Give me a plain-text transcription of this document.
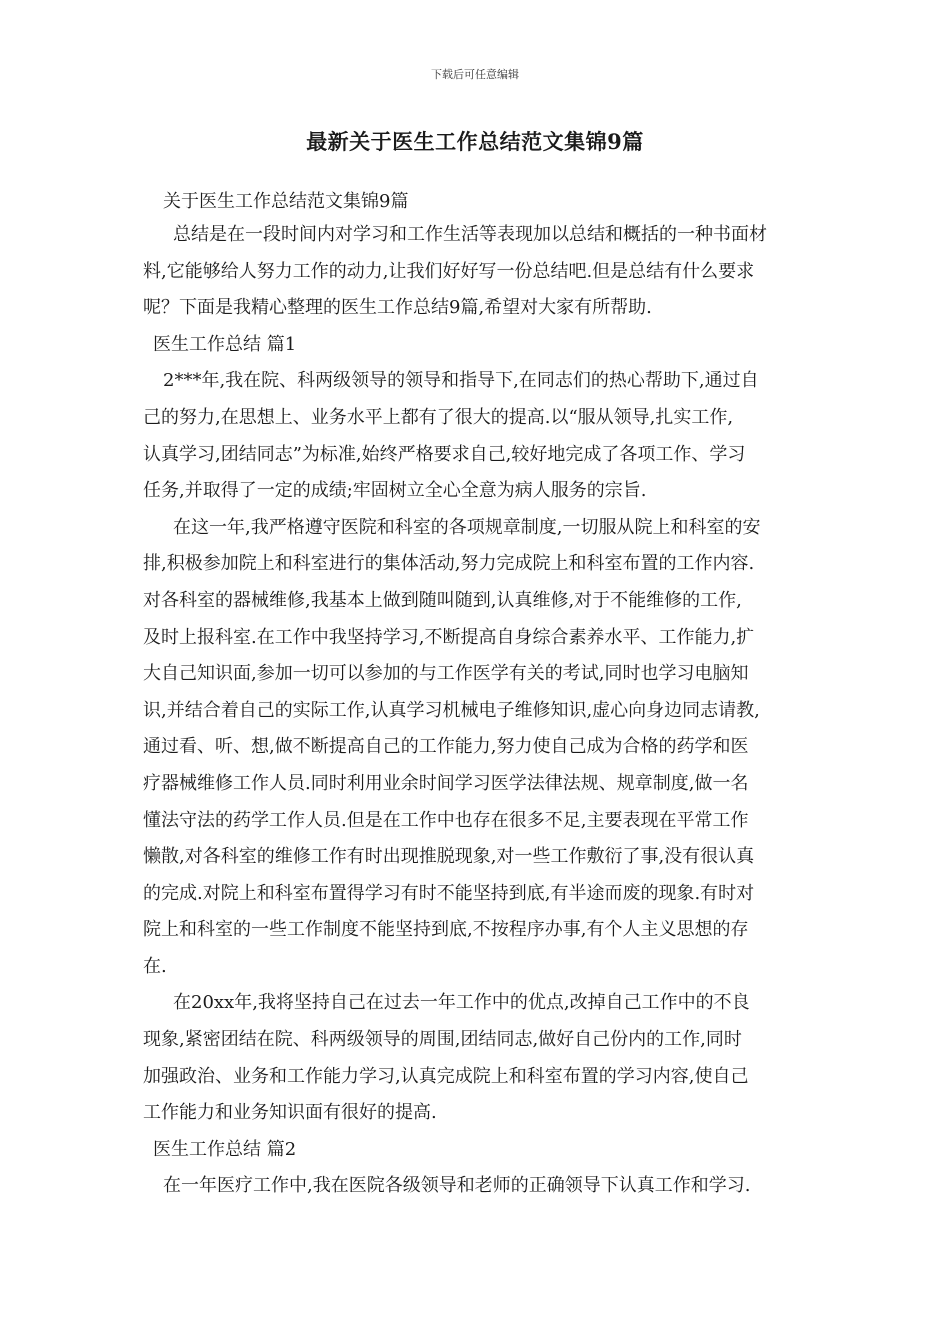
下载后可任意编辑
最新关于医生工作总结范文集锦9篇
关于医生工作总结范文集锦9篇
总结是在一段时间内对学习和工作生活等表现加以总结和概括的一种书面材
料,它能够给人努力工作的动力,让我们好好写一份总结吧.但是总结有什么要求
呢？下面是我精心整理的医生工作总结9篇,希望对大家有所帮助.
医生工作总结 篇1
2***年,我在院、科两级领导的领导和指导下,在同志们的热心帮助下,通过自
己的努力,在思想上、业务水平上都有了很大的提高.以“服从领导,扎实工作,
认真学习,团结同志”为标准,始终严格要求自己,较好地完成了各项工作、学习
任务,并取得了一定的成绩;牢固树立全心全意为病人服务的宗旨.
在这一年,我严格遵守医院和科室的各项规章制度,一切服从院上和科室的安
排,积极参加院上和科室进行的集体活动,努力完成院上和科室布置的工作内容.
对各科室的器械维修,我基本上做到随叫随到,认真维修,对于不能维修的工作,
及时上报科室.在工作中我坚持学习,不断提高自身综合素养水平、工作能力,扩
大自己知识面,参加一切可以参加的与工作医学有关的考试,同时也学习电脑知
识,并结合着自己的实际工作,认真学习机械电子维修知识,虚心向身边同志请教,
通过看、听、想,做不断提高自己的工作能力,努力使自己成为合格的药学和医
疗器械维修工作人员.同时利用业余时间学习医学法律法规、规章制度,做一名
懂法守法的药学工作人员.但是在工作中也存在很多不足,主要表现在平常工作
懒散,对各科室的维修工作有时出现推脱现象,对一些工作敷衍了事,没有很认真
的完成.对院上和科室布置得学习有时不能坚持到底,有半途而废的现象.有时对
院上和科室的一些工作制度不能坚持到底,不按程序办事,有个人主义思想的存
在.
在20xx年,我将坚持自己在过去一年工作中的优点,改掉自己工作中的不良
现象,紧密团结在院、科两级领导的周围,团结同志,做好自己份内的工作,同时
加强政治、业务和工作能力学习,认真完成院上和科室布置的学习内容,使自己
工作能力和业务知识面有很好的提高.
医生工作总结 篇2
在一年医疗工作中,我在医院各级领导和老师的正确领导下认真工作和学习.
